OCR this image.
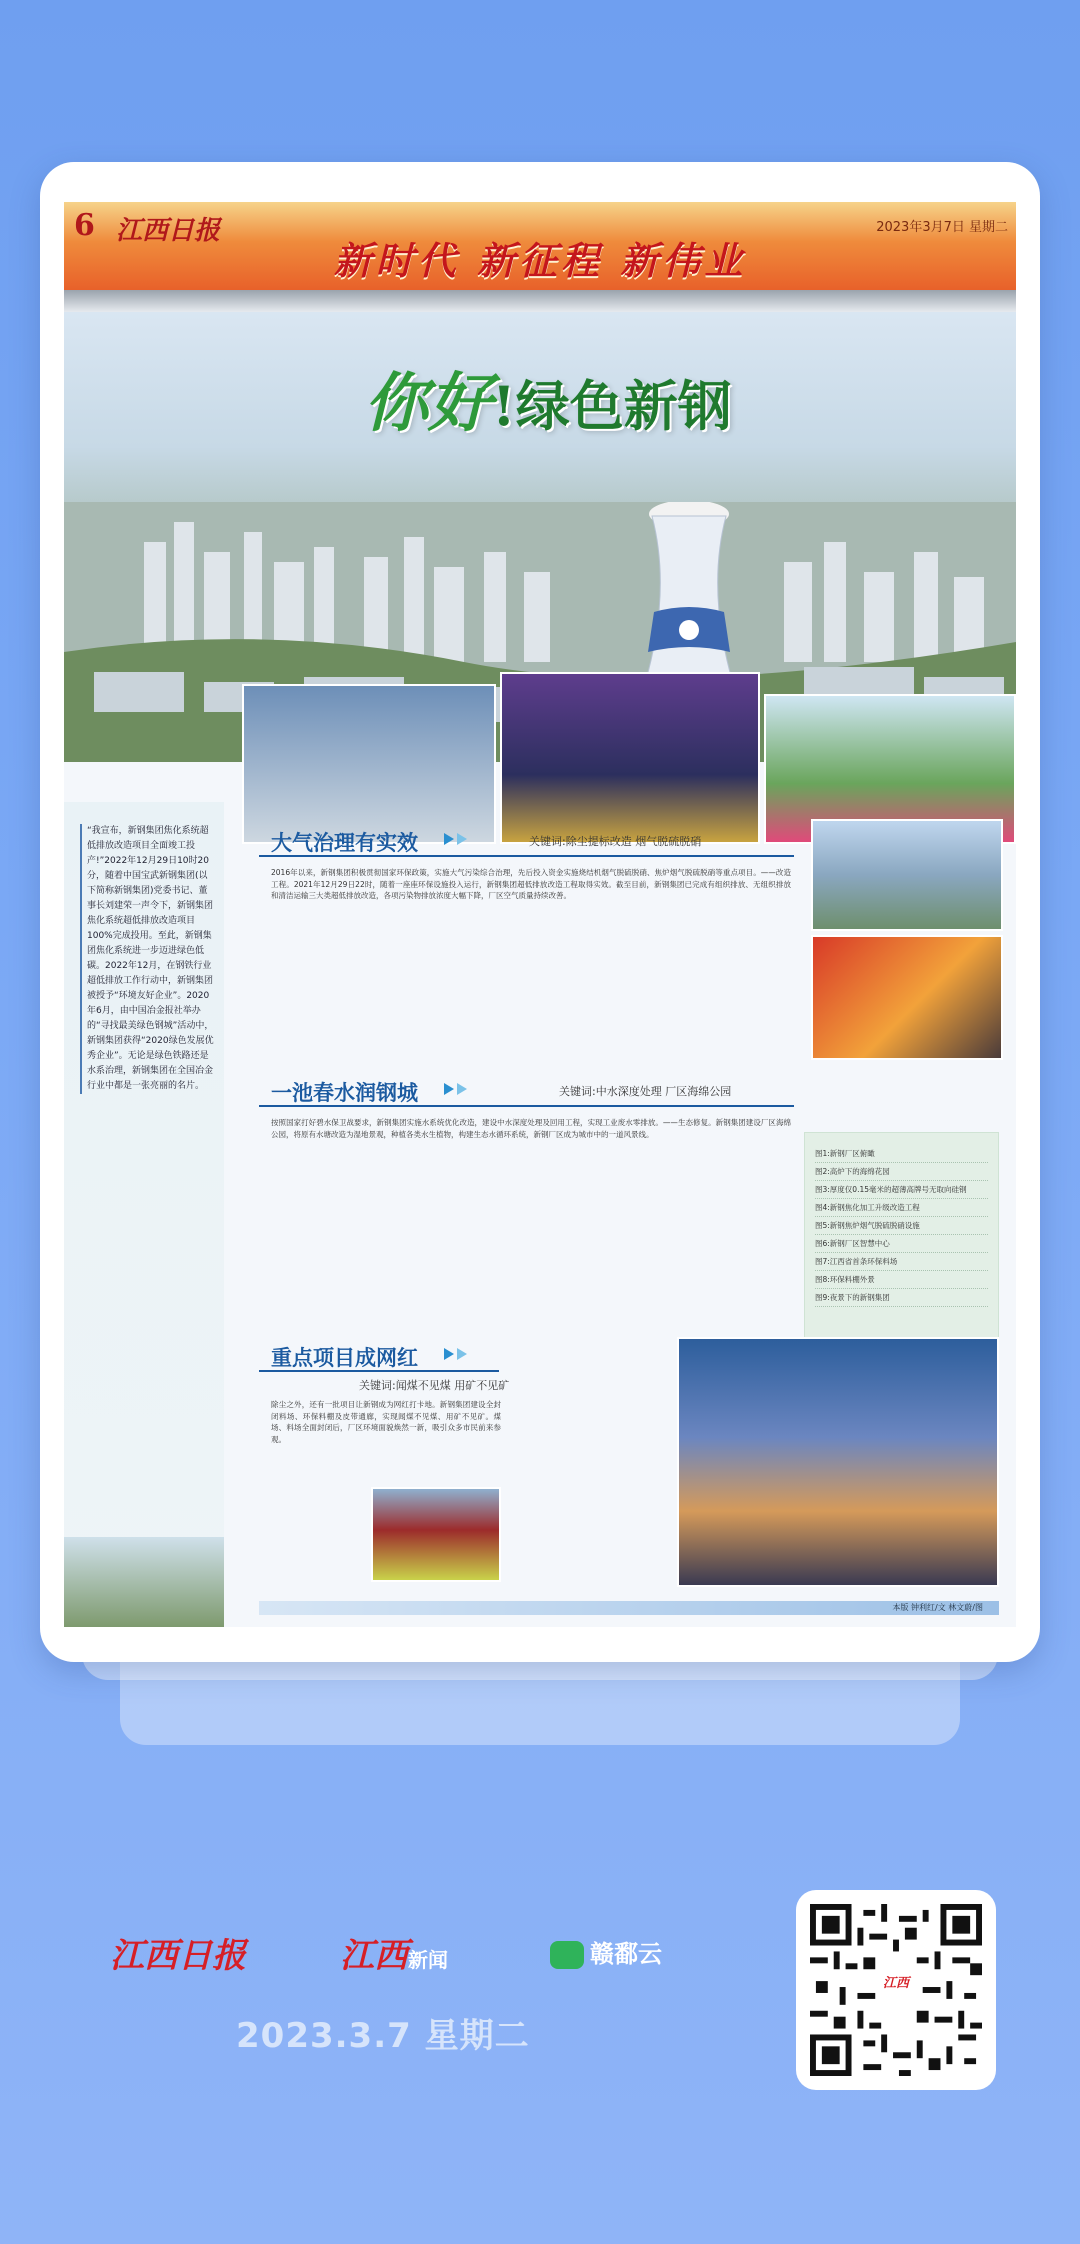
6 江西日报	2023年3月7日 星期二
新时代 新征程 新伟业
你好!绿色新钢
“我宣布，新钢集团焦化系统超低排放改造项目全面竣工投产!”2022年12月29日10时20分，随着中国宝武新钢集团(以下简称新钢集团)党委书记、董事长刘建荣一声令下，新钢集团焦化系统超低排放改造项目100%完成投用。至此，新钢集团焦化系统进一步迈进绿色低碳。2022年12月，在钢铁行业超低排放工作行动中，新钢集团被授予“环境友好企业”。2020年6月，由中国冶金报社举办的“寻找最美绿色钢城”活动中，新钢集团获得“2020绿色发展优秀企业”。无论是绿色铁路还是水系治理，新钢集团在全国冶金行业中都是一张亮丽的名片。
大气治理有实效	关键词:除尘提标改造 烟气脱硫脱硝
2016年以来，新钢集团积极贯彻国家环保政策，实施大气污染综合治理，先后投入资金实施烧结机烟气脱硫脱硝、焦炉烟气脱硫脱硝等重点项目。——改造工程。2021年12月29日22时，随着一座座环保设施投入运行，新钢集团超低排放改造工程取得实效。截至目前，新钢集团已完成有组织排放、无组织排放和清洁运输三大类超低排放改造，各项污染物排放浓度大幅下降，厂区空气质量持续改善。
一池春水润钢城	关键词:中水深度处理 厂区海绵公园
按照国家打好碧水保卫战要求，新钢集团实施水系统优化改造，建设中水深度处理及回用工程，实现工业废水零排放。——生态修复。新钢集团建设厂区海绵公园，将原有水塘改造为湿地景观，种植各类水生植物，构建生态水循环系统，新钢厂区成为城市中的一道风景线。
图1:新钢厂区俯瞰
图2:高炉下的海绵花园
图3:厚度仅0.15毫米的超薄高牌号无取向硅钢
图4:新钢焦化加工升级改造工程
图5:新钢焦炉烟气脱硫脱硝设施
图6:新钢厂区智慧中心
图7:江西省首条环保料场
图8:环保料棚外景
图9:夜景下的新钢集团
重点项目成网红
关键词:闻煤不见煤 用矿不见矿
除尘之外，还有一批项目让新钢成为网红打卡地。新钢集团建设全封闭料场、环保料棚及皮带通廊，实现闻煤不见煤、用矿不见矿。煤场、料场全面封闭后，厂区环境面貌焕然一新，吸引众多市民前来参观。
本版 钟利红/文 林文蔚/图
江西日报	江西新闻	赣鄱云
2023.3.7 星期二
江西
